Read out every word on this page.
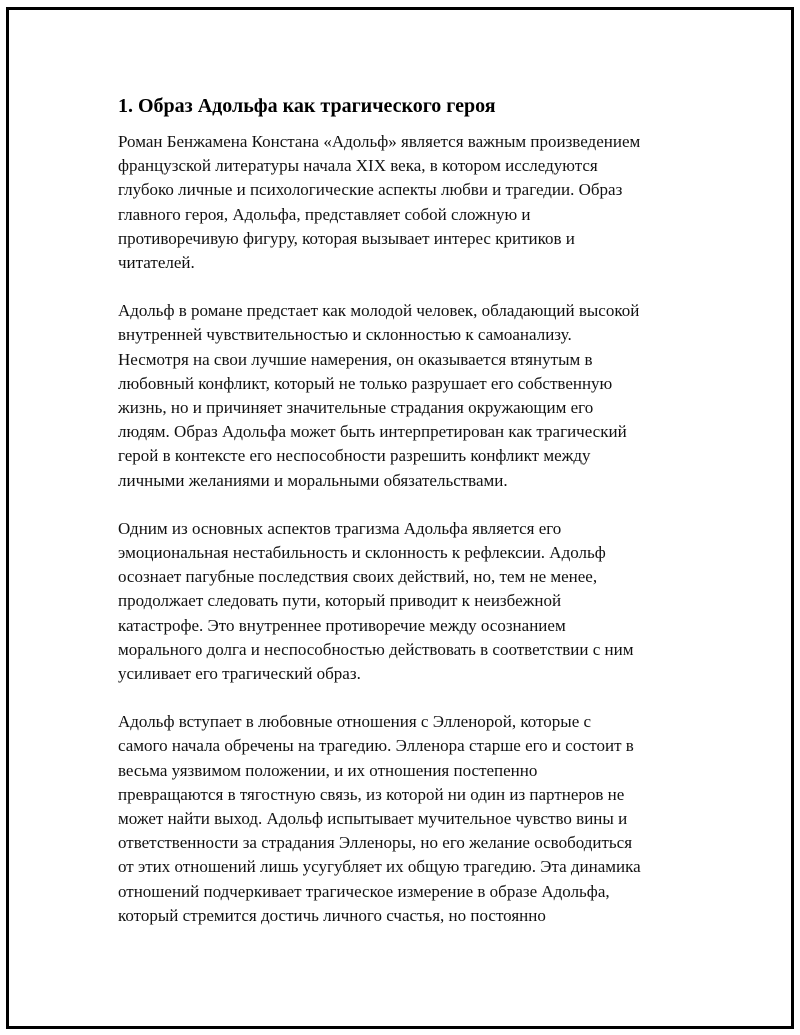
1. Образ Адольфа как трагического героя

Роман Бенжамена Констана «Адольф» является важным произведением
французской литературы начала XIX века, в котором исследуются
глубоко личные и психологические аспекты любви и трагедии. Образ
главного героя, Адольфа, представляет собой сложную и
противоречивую фигуру, которая вызывает интерес критиков и
читателей.

Адольф в романе предстает как молодой человек, обладающий высокой
внутренней чувствительностью и склонностью к самоанализу.
Несмотря на свои лучшие намерения, он оказывается втянутым в
любовный конфликт, который не только разрушает его собственную
жизнь, но и причиняет значительные страдания окружающим его
людям. Образ Адольфа может быть интерпретирован как трагический
герой в контексте его неспособности разрешить конфликт между
личными желаниями и моральными обязательствами.

Одним из основных аспектов трагизма Адольфа является его
эмоциональная нестабильность и склонность к рефлексии. Адольф
осознает пагубные последствия своих действий, но, тем не менее,
продолжает следовать пути, который приводит к неизбежной
катастрофе. Это внутреннее противоречие между осознанием
морального долга и неспособностью действовать в соответствии с ним
усиливает его трагический образ.

Адольф вступает в любовные отношения с Элленорой, которые с
самого начала обречены на трагедию. Элленора старше его и состоит в
весьма уязвимом положении, и их отношения постепенно
превращаются в тягостную связь, из которой ни один из партнеров не
может найти выход. Адольф испытывает мучительное чувство вины и
ответственности за страдания Элленоры, но его желание освободиться
от этих отношений лишь усугубляет их общую трагедию. Эта динамика
отношений подчеркивает трагическое измерение в образе Адольфа,
который стремится достичь личного счастья, но постоянно
